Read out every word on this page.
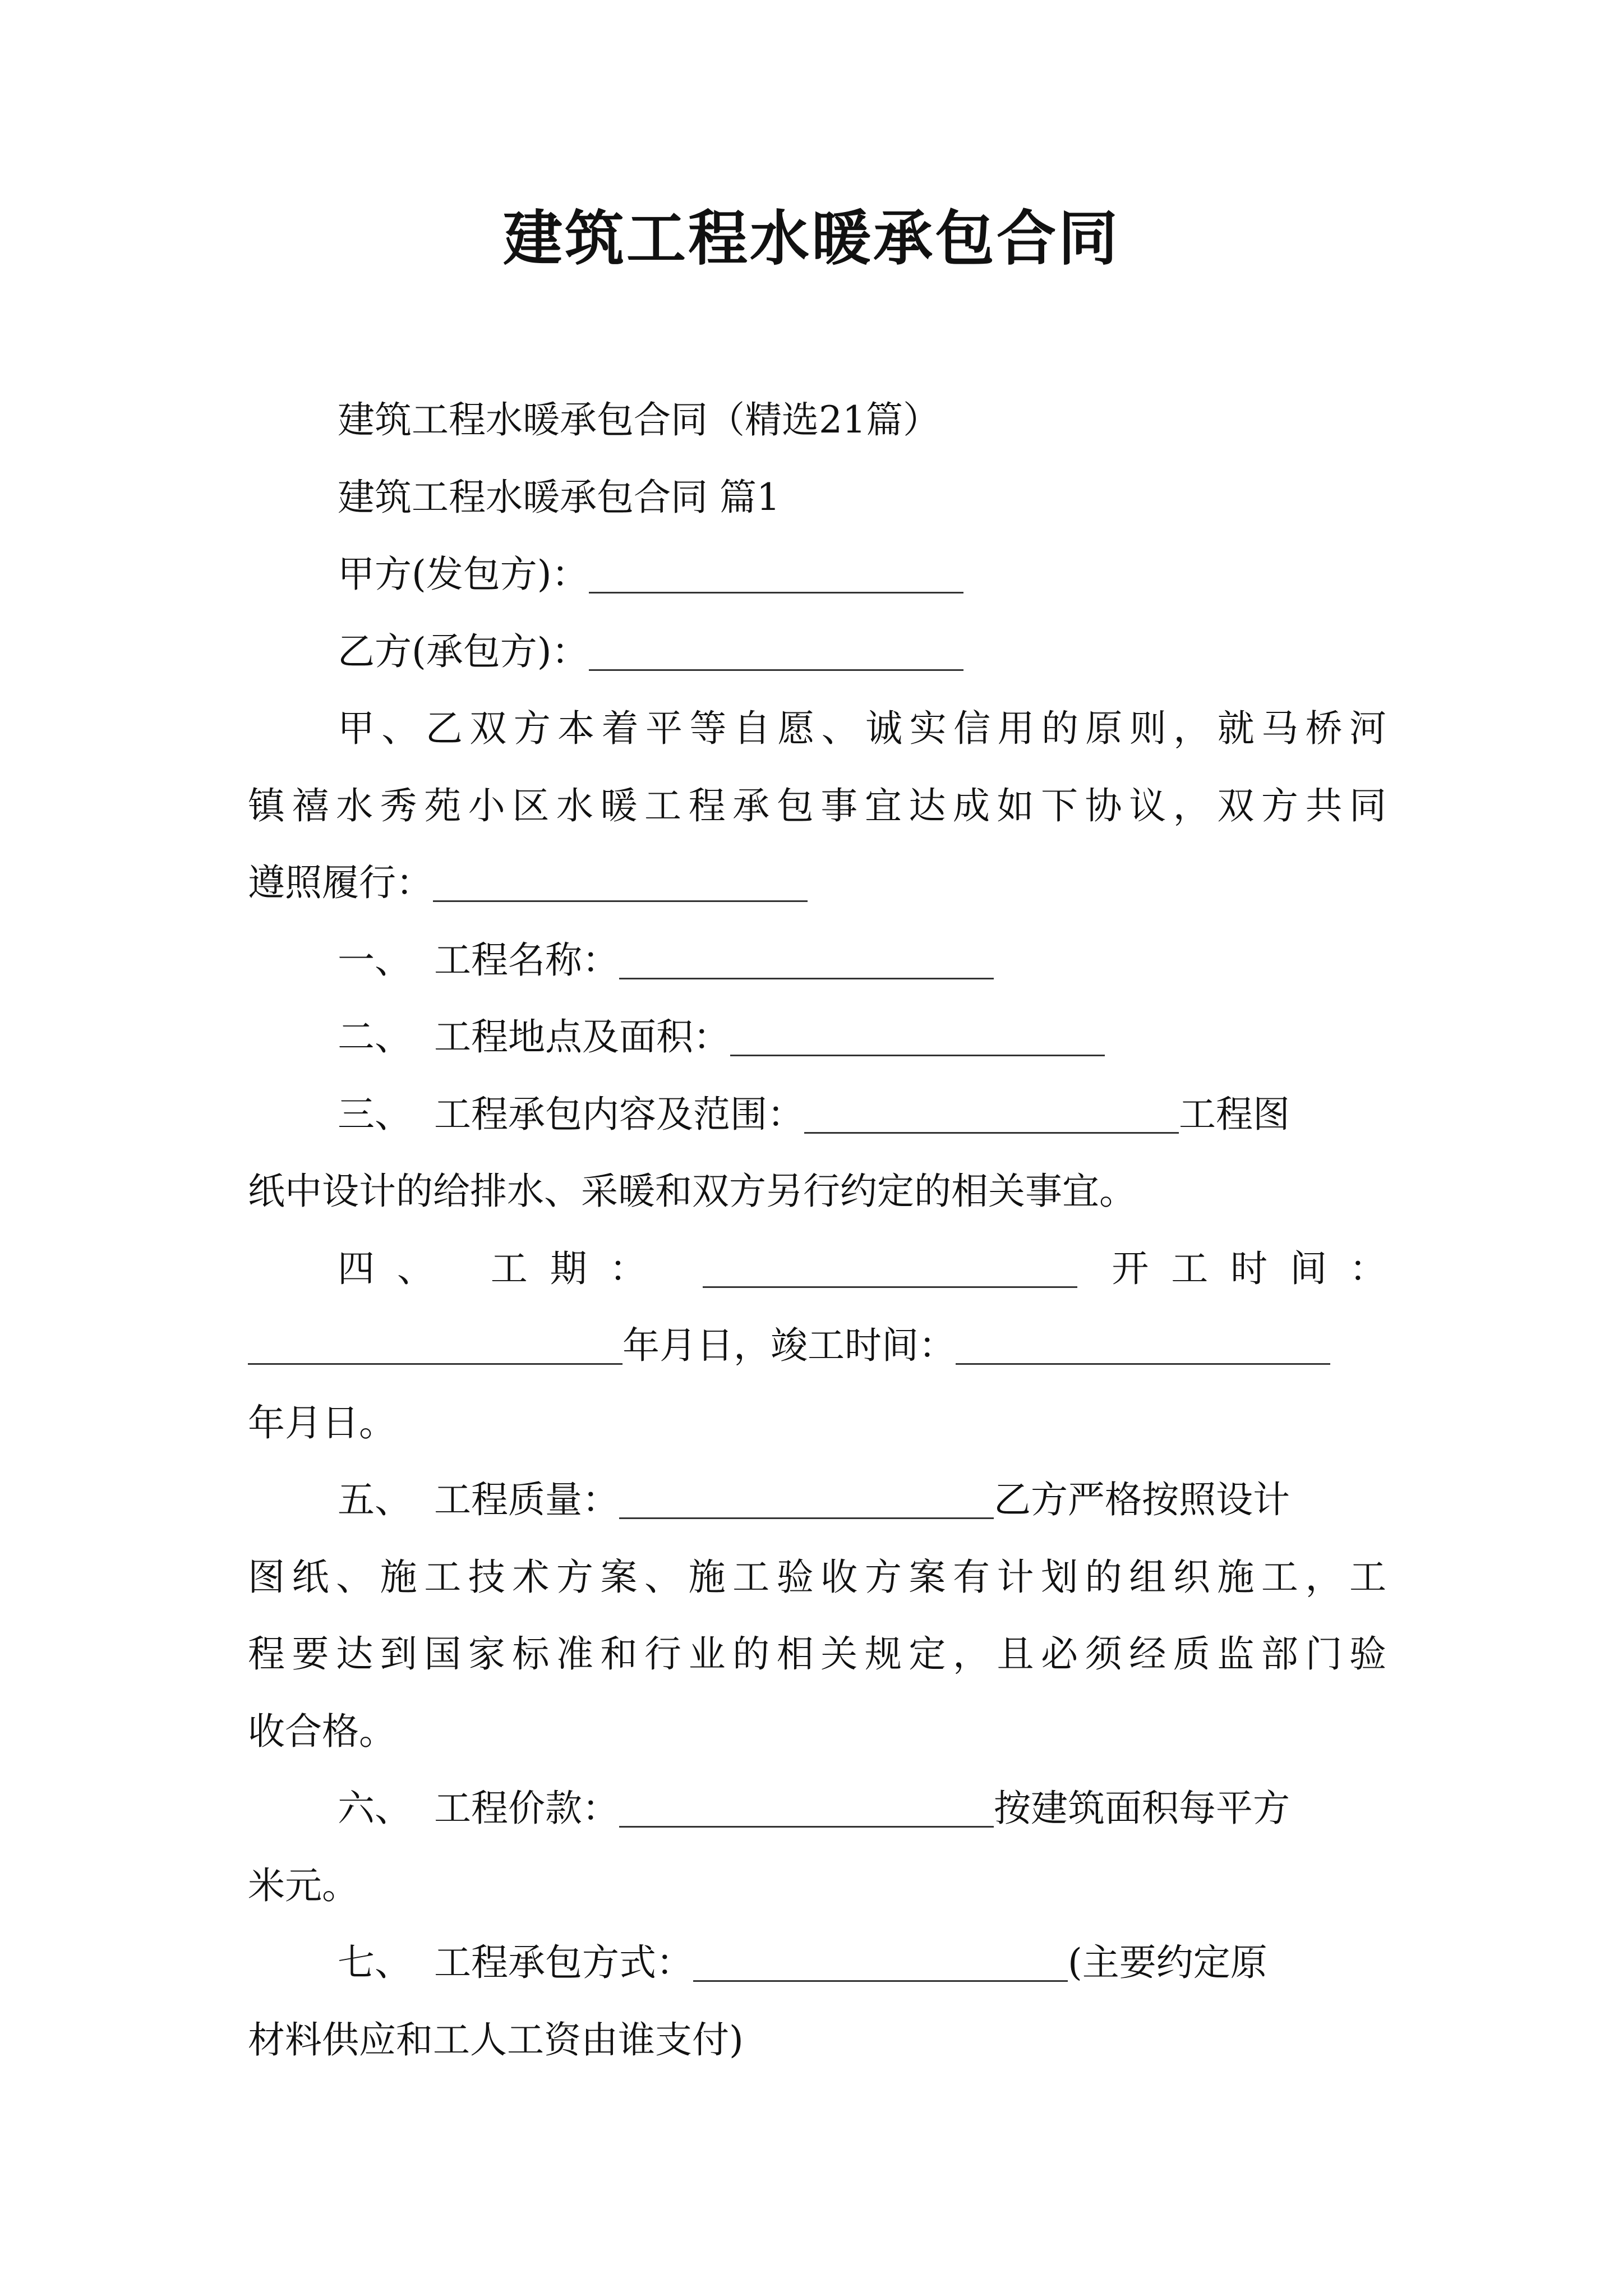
建筑工程水暖承包合同
建筑工程水暖承包合同（精选21篇）
建筑工程水暖承包合同 篇1
甲方(发包方)：
乙方(承包方)：
甲、乙双方本着平等自愿、诚实信用的原则，就马桥河
镇禧水秀苑小区水暖工程承包事宜达成如下协议，双方共同
遵照履行：
一、 工程名称：
二、 工程地点及面积：
三、 工程承包内容及范围：	工程图
纸中设计的给排水、采暖和双方另行约定的相关事宜。
四、 工期：	开工时间：
年月日，竣工时间：
年月日。
五、 工程质量：	乙方严格按照设计
图纸、施工技术方案、施工验收方案有计划的组织施工，工
程要达到国家标准和行业的相关规定，且必须经质监部门验
收合格。
六、 工程价款：	按建筑面积每平方
米元。
七、 工程承包方式：	(主要约定原
材料供应和工人工资由谁支付)
